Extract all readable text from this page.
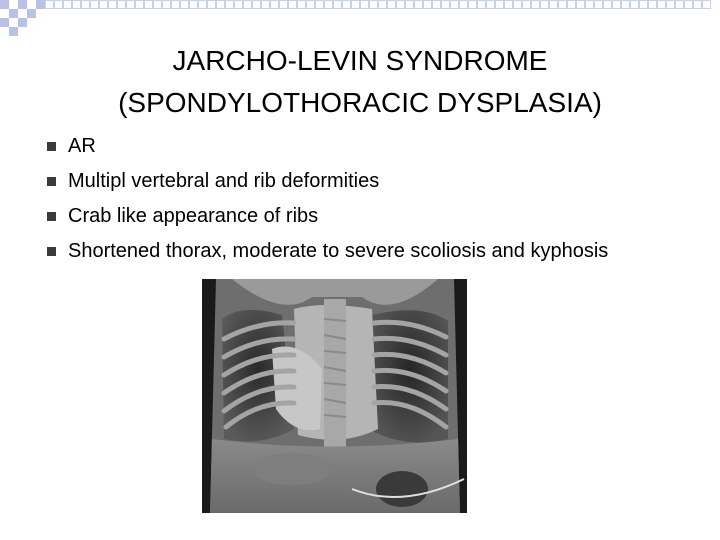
JARCHO-LEVIN SYNDROME
(SPONDYLOTHORACIC DYSPLASIA)
AR
Multipl vertebral and rib deformities
Crab like appearance of ribs
Shortened thorax, moderate to severe scoliosis and kyphosis
